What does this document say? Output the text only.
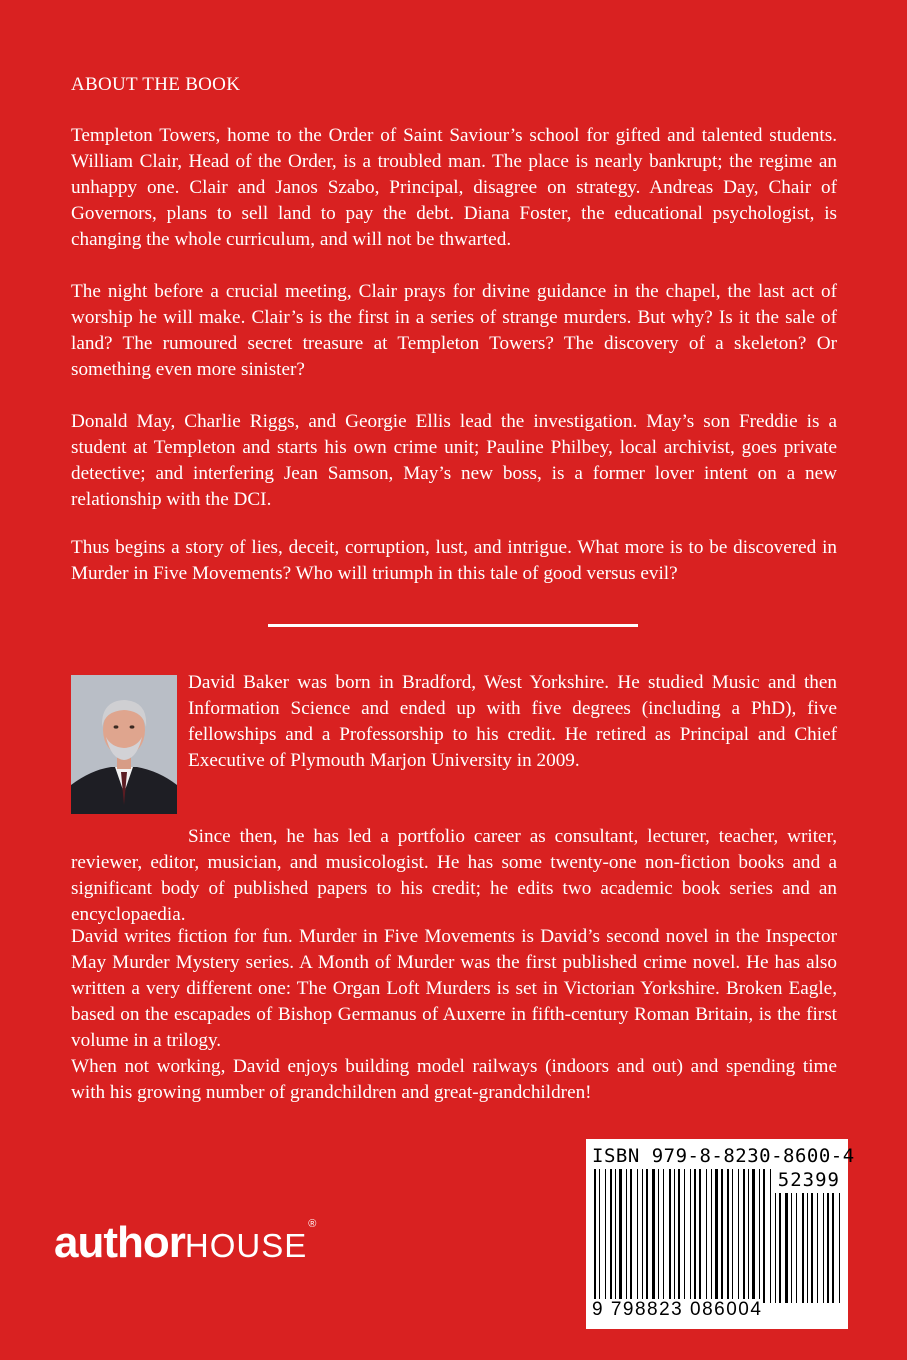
ABOUT THE BOOK

Templeton Towers, home to the Order of Saint Saviour’s school for gifted and talented students. William Clair, Head of the Order, is a troubled man. The place is nearly bankrupt; the regime an unhappy one. Clair and Janos Szabo, Principal, disagree on strategy. Andreas Day, Chair of Governors, plans to sell land to pay the debt. Diana Foster, the educational psychologist, is changing the whole curriculum, and will not be thwarted.

The night before a crucial meeting, Clair prays for divine guidance in the chapel, the last act of worship he will make. Clair’s is the first in a series of strange murders. But why? Is it the sale of land? The rumoured secret treasure at Templeton Towers? The discovery of a skeleton? Or something even more sinister?

Donald May, Charlie Riggs, and Georgie Ellis lead the investigation. May’s son Freddie is a student at Templeton and starts his own crime unit; Pauline Philbey, local archivist, goes private detective; and interfering Jean Samson, May’s new boss, is a former lover intent on a new relationship with the DCI.

Thus begins a story of lies, deceit, corruption, lust, and intrigue. What more is to be discovered in Murder in Five Movements? Who will triumph in this tale of good versus evil?

David Baker was born in Bradford, West Yorkshire. He studied Music and then Information Science and ended up with five degrees (including a PhD), five fellowships and a Professorship to his credit. He retired as Principal and Chief Executive of Plymouth Marjon University in 2009.

Since then, he has led a portfolio career as consultant, lecturer, teacher, writer, reviewer, editor, musician, and musicologist. He has some twenty-one non-fiction books and a significant body of published papers to his credit; he edits two academic book series and an encyclopaedia.

David writes fiction for fun. Murder in Five Movements is David’s second novel in the Inspector May Murder Mystery series. A Month of Murder was the first published crime novel. He has also written a very different one: The Organ Loft Murders is set in Victorian Yorkshire. Broken Eagle, based on the escapades of Bishop Germanus of Auxerre in fifth-century Roman Britain, is the first volume in a trilogy.

When not working, David enjoys building model railways (indoors and out) and spending time with his growing number of grandchildren and great-grandchildren!

authorHOUSE®
ISBN 979-8-8230-8600-4
52399
9 798823 086004
